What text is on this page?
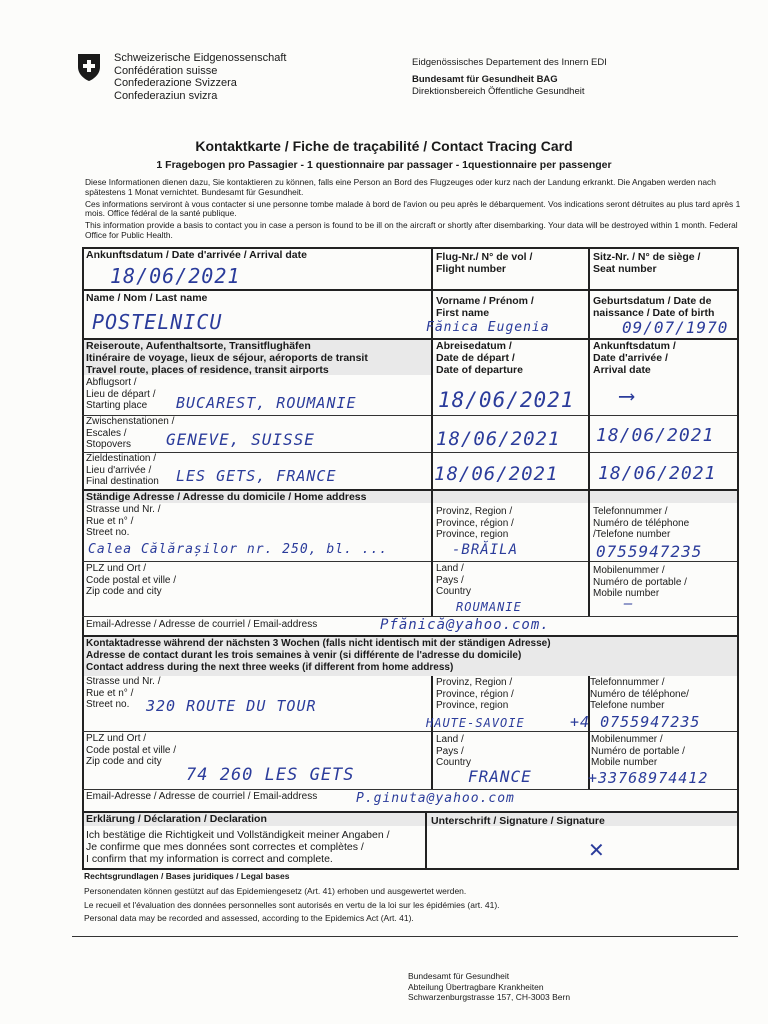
Schweizerische Eidgenossenschaft
Confédération suisse
Confederazione Svizzera
Confederaziun svizra
Eidgenössisches Departement des Innern EDI
Bundesamt für Gesundheit BAG
Direktionsbereich Öffentliche Gesundheit
Kontaktkarte / Fiche de traçabilité / Contact Tracing Card
1 Fragebogen pro Passagier - 1 questionnaire par passager - 1questionnaire per passenger
Diese Informationen dienen dazu, Sie kontaktieren zu können, falls eine Person an Bord des Flugzeuges oder kurz nach der Landung erkrankt. Die Angaben werden nach spätestens 1 Monat vernichtet. Bundesamt für Gesundheit.
Ces informations serviront à vous contacter si une personne tombe malade à bord de l'avion ou peu après le débarquement. Vos indications seront détruites au plus tard après 1 mois. Office fédéral de la santé publique.
This information provide a basis to contact you in case a person is found to be ill on the aircraft or shortly after disembarking. Your data will be destroyed within 1 month. Federal Office for Public Health.
Ankunftsdatum / Date d'arrivée / Arrival date
18/06/2021
Flug-Nr./ N° de vol /
Flight number
Sitz-Nr. / N° de siège /
Seat number
Name / Nom / Last name
POSTELNICU
Vorname / Prénom /
First name
Fănica Eugenia
Geburtsdatum / Date de
naissance / Date of birth
09/07/1970
Reiseroute, Aufenthaltsorte, Transitflughäfen
Itinéraire de voyage, lieux de séjour, aéroports de transit
Travel route, places of residence, transit airports
Abreisedatum /
Date de départ /
Date of departure
Ankunftsdatum /
Date d'arrivée /
Arrival date
Abflugsort /
Lieu de départ /
Starting place	BUCAREST, ROUMANIE	18/06/2021 ⟶
Zwischenstationen /
Escales /
Stopovers	GENEVE, SUISSE	18/06/2021 18/06/2021
Zieldestination /
Lieu d'arrivée /
Final destination LES GETS, FRANCE	18/06/2021 18/06/2021
Ständige Adresse / Adresse du domicile / Home address
Strasse und Nr. /
Rue et n° /
Street no.
Calea Călărașilor nr. 250, bl. ...
Provinz, Region /
Province, région /
Province, region
-BRĂILA
Telefonnummer /
Numéro de téléphone
/Telefone number
0755947235
PLZ und Ort /
Code postal et ville /
Zip code and city
Land /
Pays /
Country
ROUMANIE
Mobilenummer /
Numéro de portable /
Mobile number
—
Email-Adresse / Adresse de courriel / Email-address	Pfănică@yahoo.com.
Kontaktadresse während der nächsten 3 Wochen (falls nicht identisch mit der ständigen Adresse)
Adresse de contact durant les trois semaines à venir (si différente de l'adresse du domicile)
Contact address during the next three weeks (if different from home address)
Strasse und Nr. /
Rue et n° /
Street no.	320 ROUTE DU TOUR
Provinz, Region /
Province, région /
Province, region
HAUTE-SAVOIE
Telefonnummer /
Numéro de téléphone/
Telefone number
+4 0755947235
PLZ und Ort /
Code postal et ville /
Zip code and city
74 260 LES GETS
Land /
Pays /
Country
FRANCE
Mobilenummer /
Numéro de portable /
Mobile number
+33768974412
Email-Adresse / Adresse de courriel / Email-address	P.ginuta@yahoo.com
Erklärung / Déclaration / Declaration
Ich bestätige die Richtigkeit und Vollständigkeit meiner Angaben /
Je confirme que mes données sont correctes et complètes /
I confirm that my information is correct and complete.
Unterschrift / Signature / Signature
✕
Rechtsgrundlagen / Bases juridiques / Legal bases
Personendaten können gestützt auf das Epidemiengesetz (Art. 41) erhoben und ausgewertet werden.
Le recueil et l'évaluation des données personnelles sont autorisés en vertu de la loi sur les épidémies (art. 41).
Personal data may be recorded and assessed, according to the Epidemics Act (Art. 41).
Bundesamt für Gesundheit
Abteilung Übertragbare Krankheiten
Schwarzenburgstrasse 157, CH-3003 Bern
